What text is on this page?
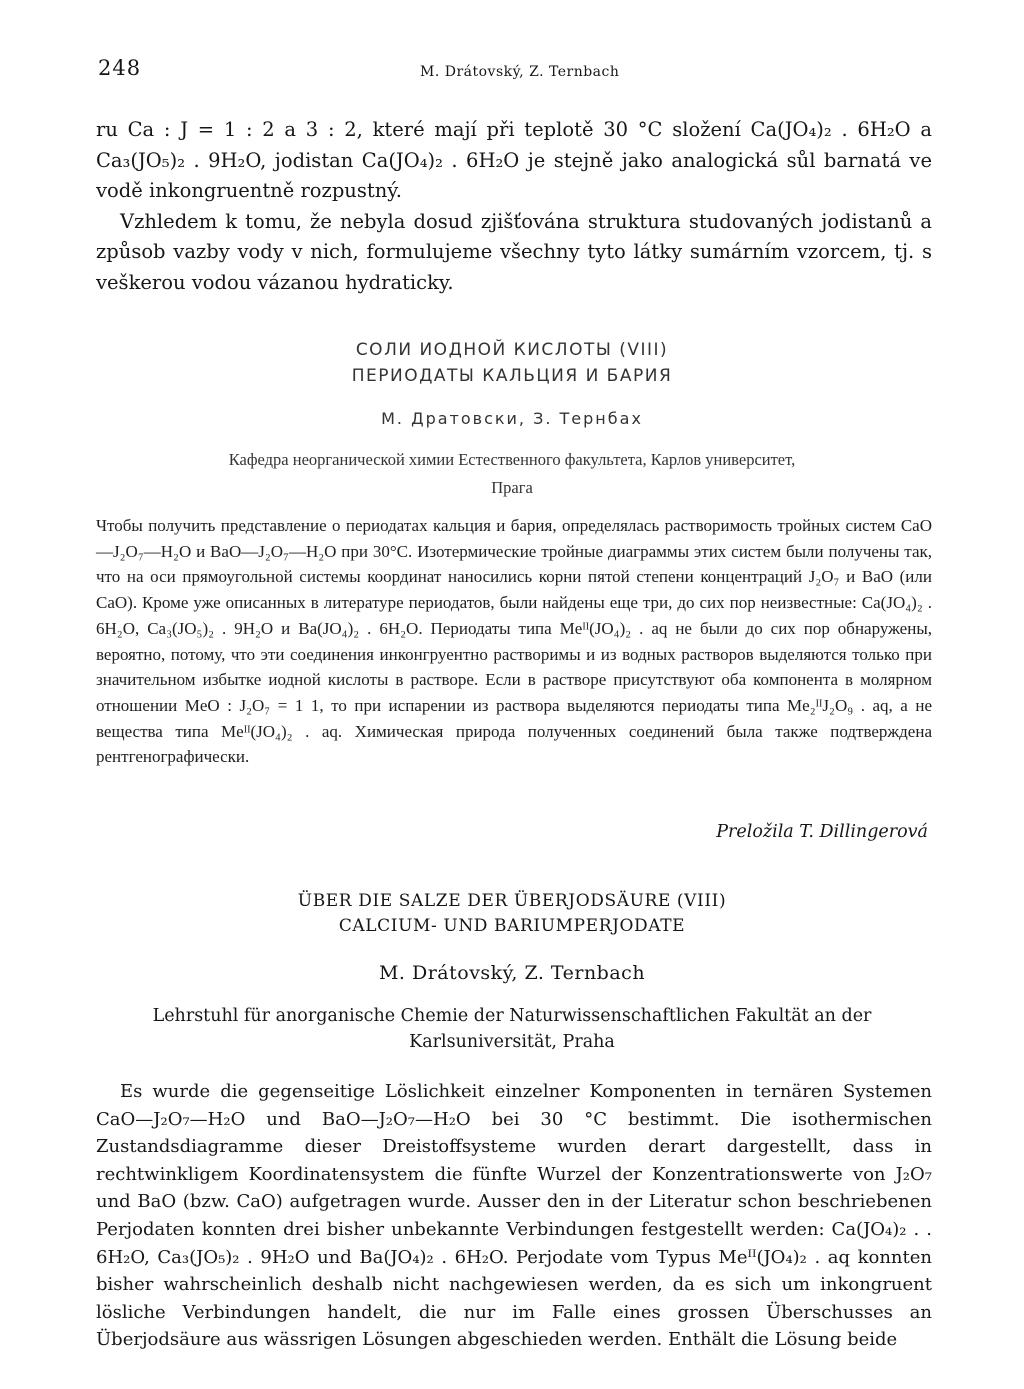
248	M. Drátovský, Z. Ternbach

ru Ca : J = 1 : 2 a 3 : 2, které mají při teplotě 30 °C složení Ca(JO₄)₂ . 6H₂O a Ca₃(JO₅)₂ . 9H₂O, jodistan Ca(JO₄)₂ . 6H₂O je stejně jako analogická sůl barnatá ve vodě inkongruentně rozpustný.

Vzhledem k tomu, že nebyla dosud zjišťována struktura studovaných jodistanů a způsob vazby vody v nich, formulujeme všechny tyto látky sumárním vzorcem, tj. s veškerou vodou vázanou hydraticky.

СОЛИ ИОДНОЙ КИСЛОТЫ (VIII)
ПЕРИОДАТЫ КАЛЬЦИЯ И БАРИЯ
М. Дратовски, З. Тернбах
Кафедра неорганической химии Естественного факультета, Карлов университет,
Прага

Чтобы получить представление о периодатах кальция и бария, определялась растворимость тройных систем CaO—J₂O₇—H₂O и BaO—J₂O₇—H₂O при 30°C. Изотермические тройные диаграммы этих систем были получены так, что на оси прямоугольной системы координат наносились корни пятой степени концентраций J₂O₇ и BaO (или CaO). Кроме уже описанных в литературе периодатов, были найдены еще три, до сих пор неизвестные: Ca(JO₄)₂ . 6H₂O, Ca₃(JO₅)₂ . 9H₂O и Ba(JO₄)₂ . 6H₂O. Периодаты типа Meᴵᴵ(JO₄)₂ . aq не были до сих пор обнаружены, вероятно, потому, что эти соединения инконгруентно растворимы и из водных растворов выделяются только при значительном избытке иодной кислоты в растворе. Если в растворе присутствуют оба компонента в молярном отношении MeO : J₂O₇ = 1 1, то при испарении из раствора выделяются периодаты типа Me₂ᴵᴵJ₂O₉ . aq, а не вещества типа Meᴵᴵ(JO₄)₂ . aq. Химическая природа полученных соединений была также подтверждена рентгенографически.

Preložila T. Dillingerová
ÜBER DIE SALZE DER ÜBERJODSÄURE (VIII)
CALCIUM- UND BARIUMPERJODATE
M. Drátovský, Z. Ternbach
Lehrstuhl für anorganische Chemie der Naturwissenschaftlichen Fakultät an der
Karlsuniversität, Praha

Es wurde die gegenseitige Löslichkeit einzelner Komponenten in ternären Systemen CaO—J₂O₇—H₂O und BaO—J₂O₇—H₂O bei 30 °C bestimmt. Die isothermischen Zustandsdiagramme dieser Dreistoffsysteme wurden derart dargestellt, dass in rechtwinkligem Koordinatensystem die fünfte Wurzel der Konzentrationswerte von J₂O₇ und BaO (bzw. CaO) aufgetragen wurde. Ausser den in der Literatur schon beschriebenen Perjodaten konnten drei bisher unbekannte Verbindungen festgestellt werden: Ca(JO₄)₂ . . 6H₂O, Ca₃(JO₅)₂ . 9H₂O und Ba(JO₄)₂ . 6H₂O. Perjodate vom Typus Meᴵᴵ(JO₄)₂ . aq konnten bisher wahrscheinlich deshalb nicht nachgewiesen werden, da es sich um inkongruent lösliche Verbindungen handelt, die nur im Falle eines grossen Überschusses an Überjodsäure aus wässrigen Lösungen abgeschieden werden. Enthält die Lösung beide
